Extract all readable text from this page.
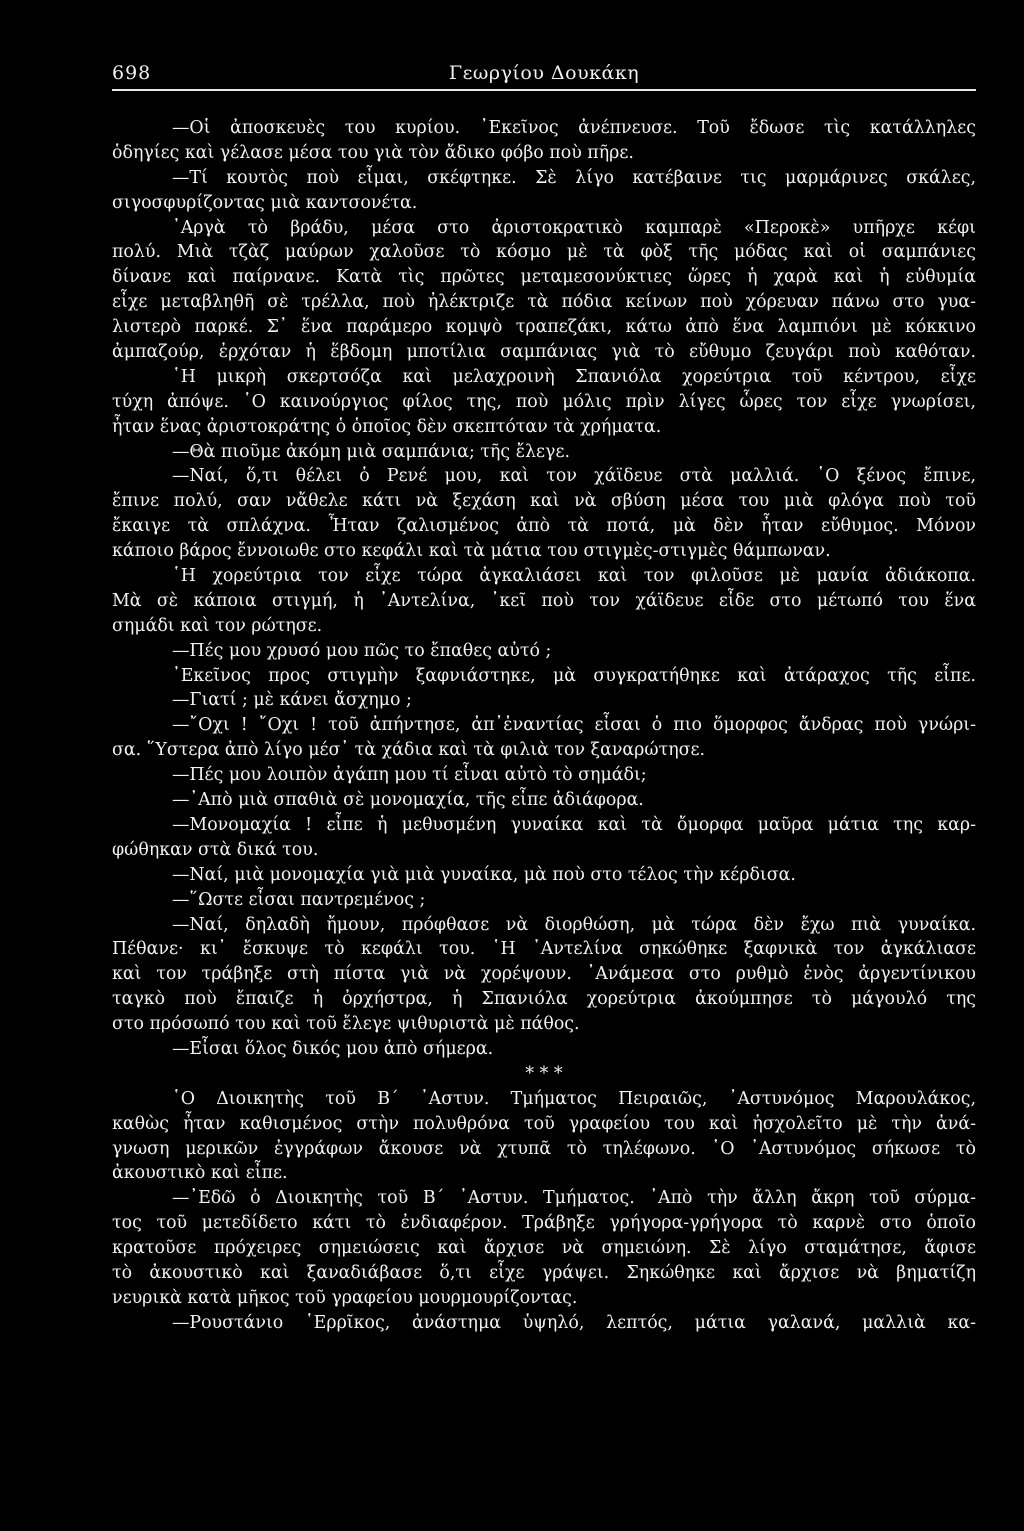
698	Γεωργίου Δουκάκη
—Οἱ ἀποσκευὲς του κυρίου. ᾿Εκεῖνος ἀνέπνευσε. Τοῦ ἔδωσε τὶς κατάλληλες
ὁδηγίες καὶ γέλασε μέσα του γιὰ τὸν ἄδικο φόβο ποὺ πῆρε.
—Τί κουτὸς ποὺ εἶμαι, σκέφτηκε. Σὲ λίγο κατέβαινε τις μαρμάρινες σκάλες,
σιγοσφυρίζοντας μιὰ καντσονέτα.
᾿Αργὰ τὸ βράδυ, μέσα στο ἀριστοκρατικὸ καμπαρὲ «Περοκὲ» υπῆρχε κέφι
πολύ. Μιὰ τζὰζ μαύρων χαλοῦσε τὸ κόσμο μὲ τὰ φὸξ τῆς μόδας καὶ οἱ σαμπάνιες
δίνανε καὶ παίρνανε. Κατὰ τὶς πρῶτες μεταμεσονύκτιες ὥρες ἡ χαρὰ καὶ ἡ εὐθυμία
εἶχε μεταβληθῆ σὲ τρέλλα, ποὺ ἠλέκτριζε τὰ πόδια κείνων ποὺ χόρευαν πάνω στο γυα-
λιστερὸ παρκέ. Σ᾿ ἕνα παράμερο κομψὸ τραπεζάκι, κάτω ἀπὸ ἕνα λαμπιόνι μὲ κόκκινο
ἀμπαζούρ, ἐρχόταν ἡ ἕβδομη μποτίλια σαμπάνιας γιὰ τὸ εὔθυμο ζευγάρι ποὺ καθόταν.
῾Η μικρὴ σκερτσόζα καὶ μελαχροινὴ Σπανιόλα χορεύτρια τοῦ κέντρου, εἶχε
τύχη ἀπόψε. ῾Ο καινούργιος φίλος της, ποὺ μόλις πρὶν λίγες ὧρες τον εἶχε γνωρίσει,
ἦταν ἕνας ἀριστοκράτης ὁ ὁποῖος δὲν σκεπτόταν τὰ χρήματα.
—Θὰ πιοῦμε ἀκόμη μιὰ σαμπάνια; τῆς ἔλεγε.
—Ναί, ὅ,τι θέλει ὁ Ρενέ μου, καὶ τον χάϊδευε στὰ μαλλιά. ῾Ο ξένος ἔπινε,
ἔπινε πολύ, σαν νἄθελε κάτι νὰ ξεχάση καὶ νὰ σβύση μέσα του μιὰ φλόγα ποὺ τοῦ
ἔκαιγε τὰ σπλάχνα. Ἦταν ζαλισμένος ἀπὸ τὰ ποτά, μὰ δὲν ἦταν εὔθυμος. Μόνον
κάποιο βάρος ἔννοιωθε στο κεφάλι καὶ τὰ μάτια του στιγμὲς-στιγμὲς θάμπωναν.
῾Η χορεύτρια τον εἶχε τώρα ἀγκαλιάσει καὶ τον φιλοῦσε μὲ μανία ἀδιάκοπα.
Μὰ σὲ κάποια στιγμή, ἡ ᾿Αντελίνα, ᾿κεῖ ποὺ τον χάϊδευε εἶδε στο μέτωπό του ἕνα
σημάδι καὶ τον ρώτησε.
—Πές μου χρυσό μου πῶς το ἔπαθες αὐτό ;
᾿Εκεῖνος προς στιγμὴν ξαφνιάστηκε, μὰ συγκρατήθηκε καὶ ἀτάραχος τῆς εἶπε.
—Γιατί ; μὲ κάνει ἄσχημο ;
—῎Οχι ! ῎Οχι ! τοῦ ἀπήντησε, ἀπ᾿ἐναντίας εἶσαι ὁ πιο ὅμορφος ἄνδρας ποὺ γνώρι-
σα. ῞Υστερα ἀπὸ λίγο μέσ᾿ τὰ χάδια καὶ τὰ φιλιὰ τον ξαναρώτησε.
—Πές μου λοιπὸν ἀγάπη μου τί εἶναι αὐτὸ τὸ σημάδι;
—᾿Απὸ μιὰ σπαθιὰ σὲ μονομαχία, τῆς εἶπε ἀδιάφορα.
—Μονομαχία ! εἶπε ἡ μεθυσμένη γυναίκα καὶ τὰ ὄμορφα μαῦρα μάτια της καρ-
φώθηκαν στὰ δικά του.
—Ναί, μιὰ μονομαχία γιὰ μιὰ γυναίκα, μὰ ποὺ στο τέλος τὴν κέρδισα.
—῞Ωστε εἶσαι παντρεμένος ;
—Ναί, δηλαδὴ ἤμουν, πρόφθασε νὰ διορθώση, μὰ τώρα δὲν ἔχω πιὰ γυναίκα.
Πέθανε· κι᾿ ἔσκυψε τὸ κεφάλι του. ῾Η ᾿Αντελίνα σηκώθηκε ξαφνικὰ τον ἀγκάλιασε
καὶ τον τράβηξε στὴ πίστα γιὰ νὰ χορέψουν. ᾿Ανάμεσα στο ρυθμὸ ἑνὸς ἀργεντίνικου
ταγκὸ ποὺ ἔπαιζε ἡ ὀρχήστρα, ἡ Σπανιόλα χορεύτρια ἀκούμπησε τὸ μάγουλό της
στο πρόσωπό του καὶ τοῦ ἔλεγε ψιθυριστὰ μὲ πάθος.
—Εἶσαι ὅλος δικός μου ἀπὸ σήμερα.
* * *
῾Ο Διοικητὴς τοῦ Β΄ ᾿Αστυν. Τμήματος Πειραιῶς, ᾿Αστυνόμος Μαρουλάκος,
καθὼς ἦταν καθισμένος στὴν πολυθρόνα τοῦ γραφείου του καὶ ἠσχολεῖτο μὲ τὴν ἀνά-
γνωση μερικῶν ἐγγράφων ἄκουσε νὰ χτυπᾶ τὸ τηλέφωνο. ῾Ο ᾿Αστυνόμος σήκωσε τὸ
ἀκουστικὸ καὶ εἶπε.
—᾿Εδῶ ὁ Διοικητὴς τοῦ Β΄ ᾿Αστυν. Τμήματος. ᾿Απὸ τὴν ἄλλη ἄκρη τοῦ σύρμα-
τος τοῦ μετεδίδετο κάτι τὸ ἐνδιαφέρον. Τράβηξε γρήγορα-γρήγορα τὸ καρνὲ στο ὁποῖο
κρατοῦσε πρόχειρες σημειώσεις καὶ ἄρχισε νὰ σημειώνη. Σὲ λίγο σταμάτησε, ἄφισε
τὸ ἀκουστικὸ καὶ ξαναδιάβασε ὅ,τι εἶχε γράψει. Σηκώθηκε καὶ ἄρχισε νὰ βηματίζη
νευρικὰ κατὰ μῆκος τοῦ γραφείου μουρμουρίζοντας.
—Ρουστάνιο ῾Ερρῖκος, ἀνάστημα ὑψηλό, λεπτός, μάτια γαλανά, μαλλιὰ κα-
